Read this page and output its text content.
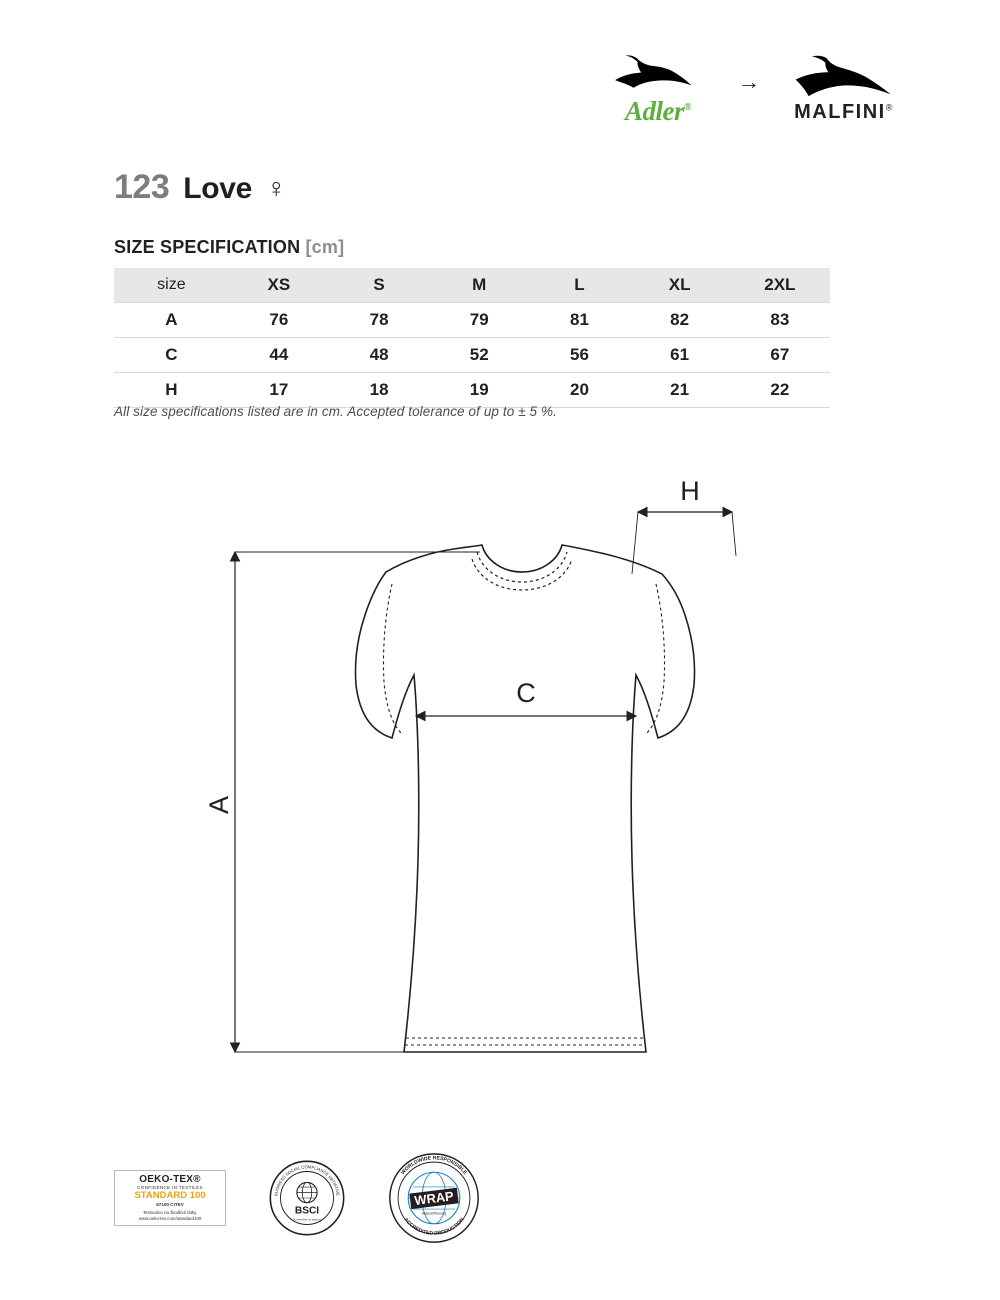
Adler®
→
MALFINI®
123 Love ♀
SIZE SPECIFICATION [cm]
size	XS	S	M	L	XL	2XL
A	76	78	79	81	82	83
C	44	48	52	56	61	67
H	17	18	19	20	21	22
All size specifications listed are in cm. Accepted tolerance of up to ± 5 %.
A
C
H
OEKO-TEX®
CONFIDENCE IN TEXTILES
STANDARD 100
67100 CITEV
Testováno na škodlivé látky.
www.oeko-tex.com/standard100
BSCI
A member of amfori
BUSINESS SOCIAL COMPLIANCE INITIATIVE	WRAP
wrapcertified.org
WORLDWIDE RESPONSIBLE
ACCREDITED PRODUCTION
